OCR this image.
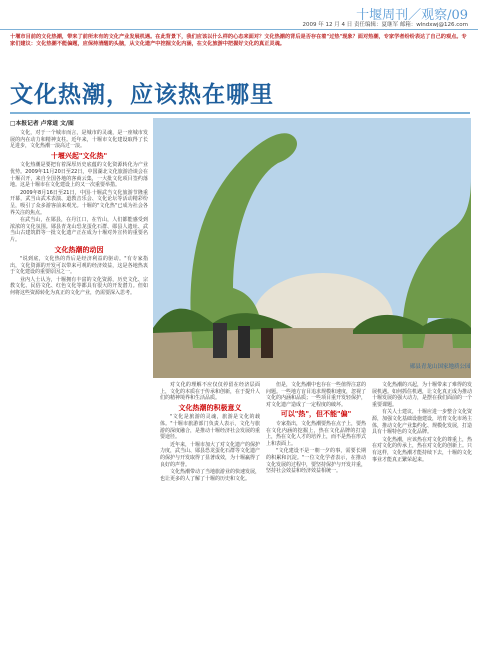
十堰周刊／观察/09
2009 年 12 月 4 日 责任编辑：夏继军 邮箱：wlndxwj@126.com
十堰市目前的文化热潮，带来了前所未有的文化产业发展机遇。在此背景下，我们应该以什么样的心态来面对？文化热潮的背后是否存在着"过热"现象？面对热潮，专家学者纷纷表达了自己的观点。专家们建议：文化热潮不能偏题，应保持清醒的头脑，从文化遗产中挖掘文化内涵，在文化旅游中把握好文化的真正灵魂。
文化热潮，应该热在哪里
□本报记者 卢常道 文/图
郧县青龙山国家地质公园

文化，对于一个城市而言，是城市的灵魂，是一座城市发展的内在动力和精神支柱。近年来，十堰市文化建设取得了长足进步，文化热潮一浪高过一浪。

十堰兴起"文化热"

文化热潮是要把有着深厚历史底蕴的文化资源转化为产业优势。2009年11月20日至22日，中国湖北文化旅游洽谈会在十堰召开，来自全国各地的客商云集，一大批文化项目签约落地。这是十堰市在文化建设上的又一次重要举措。

2009年8月16日至21日，中国·十堰武当文化旅游节隆重开幕，武当山武术表演、道教音乐会、文化论坛等活动精彩纷呈，吸引了众多游客前来观光。十堰的"文化热"已成为社会各界关注的焦点。

在武当山，在郧县，在丹江口，在竹山，人们都能感受到浓浓的文化氛围。郧县青龙山恐龙蛋化石群、郧县人遗址、武当山古建筑群等一批文化遗产正在成为十堰对外宣传的重要名片。

文化热潮的动因

"说到底，文化热的背后是经济利益的驱动。"有专家指出，文化资源的开发可以带来可观的经济效益，这是各地热衷于文化建设的重要原因之一。

业内人士认为，十堰拥有丰富的文化资源，历史文化、宗教文化、民俗文化、红色文化等都具有很大的开发潜力。但如何将这些资源转化为真正的文化产业，仍需要深入思考。

对文化的理解不应仅仅停留在经济层面上，文化的本质在于传承和创新，在于提升人们的精神境界和生活品质。

文化热潮的积极意义

"文化是旅游的灵魂，旅游是文化的载体。"十堰市旅游部门负责人表示，文化与旅游的深度融合，是推动十堰经济社会发展的重要途径。

近年来，十堰市加大了对文化遗产的保护力度，武当山、郧县恐龙蛋化石群等文化遗产的保护与开发取得了显著成效，为十堰赢得了良好的声誉。

文化热潮带动了当地旅游业的快速发展，也让更多的人了解了十堰的历史和文化。

但是，文化热潮中也存在一些值得注意的问题。一些地方盲目追求规模和速度，忽视了文化的内涵和品质；一些项目重开发轻保护，对文化遗产造成了一定程度的破坏。

可以"热"，但不能"偏"

专家指出，文化热潮要热在点子上，要热在文化内涵的挖掘上，热在文化品牌的打造上，热在文化人才的培养上，而不是热在形式上和表面上。

"文化建设不是一朝一夕的事，需要长期的积累和沉淀。"一位文化学者表示，在推动文化发展的过程中，要坚持保护与开发并重，坚持社会效益和经济效益相统一。

文化热潮的兴起，为十堰带来了难得的发展机遇。如何抓住机遇，让文化真正成为推动十堰发展的强大动力，是摆在我们面前的一个重要课题。

有关人士建议，十堰应进一步整合文化资源，加强文化基础设施建设，培育文化市场主体，推动文化产业集约化、规模化发展，打造具有十堰特色的文化品牌。

文化热潮，应该热在对文化的尊重上，热在对文化的传承上，热在对文化的创新上。只有这样，文化热潮才能持续下去，十堰的文化事业才能真正繁荣起来。
